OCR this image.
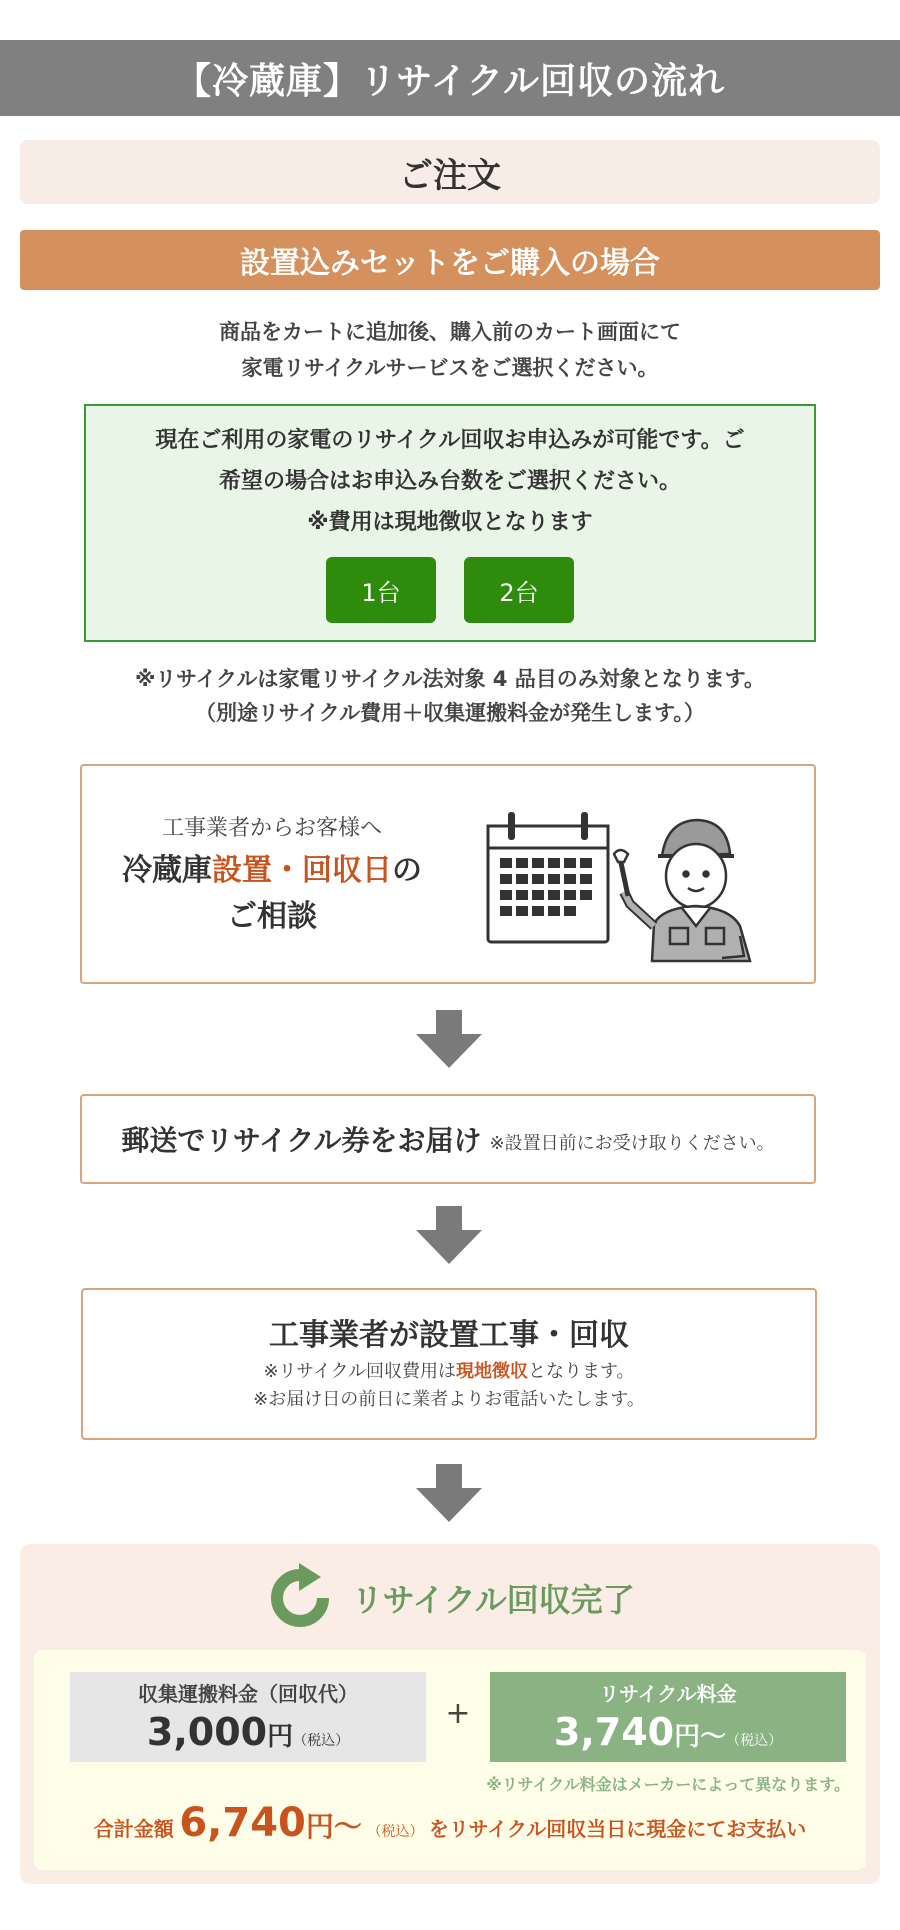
【冷蔵庫】リサイクル回収の流れ
ご注文
設置込みセットをご購入の場合
商品をカートに追加後、購入前のカート画面にて
家電リサイクルサービスをご選択ください。
現在ご利用の家電のリサイクル回収お申込みが可能です。ご
希望の場合はお申込み台数をご選択ください。
※費用は現地徴収となります
1台	2台
※リサイクルは家電リサイクル法対象 4 品目のみ対象となります。
（別途リサイクル費用＋収集運搬料金が発生します。）
工事業者からお客様へ
冷蔵庫設置・回収日の
ご相談
郵送でリサイクル券をお届け ※設置日前にお受け取りください。
工事業者が設置工事・回収
※リサイクル回収費用は現地徴収となります。
※お届け日の前日に業者よりお電話いたします。
リサイクル回収完了
収集運搬料金（回収代）
3,000円（税込）
+
リサイクル料金
3,740円〜（税込）
※リサイクル料金はメーカーによって異なります。
合計金額 6,740円〜 （税込） をリサイクル回収当日に現金にてお支払い
